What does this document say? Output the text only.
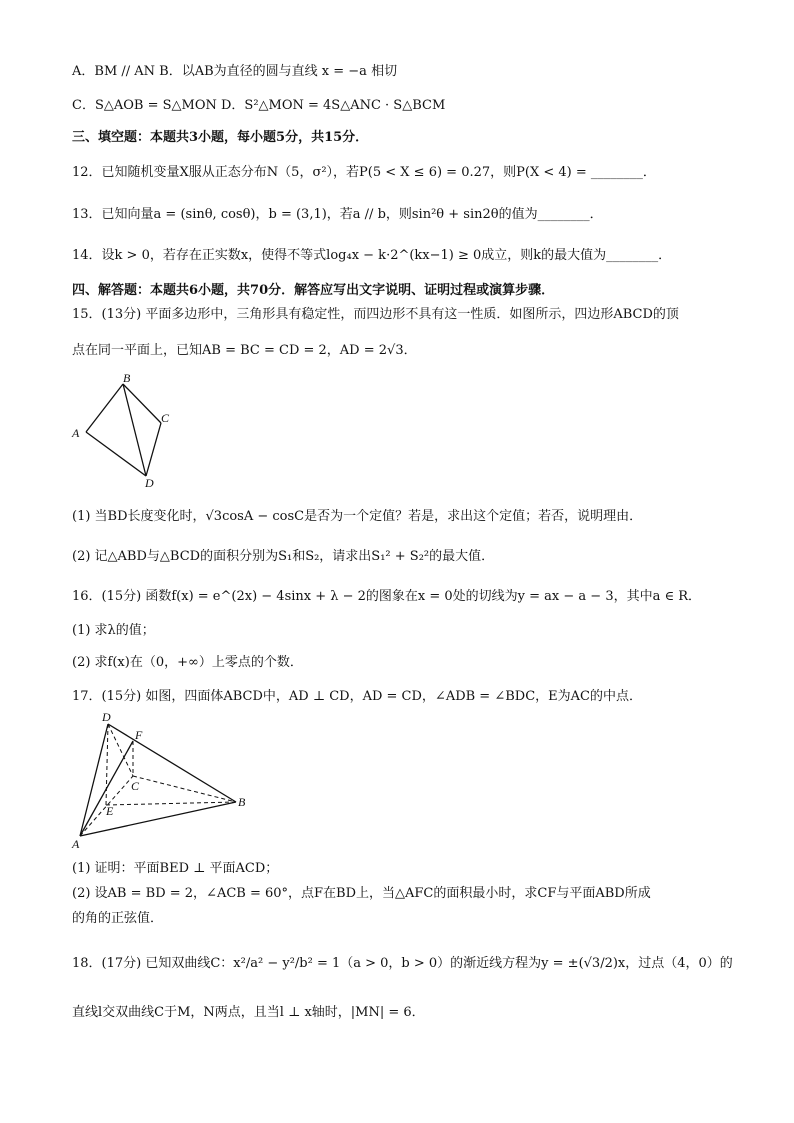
A．BM // AN B．以AB为直径的圆与直线 x = −a 相切
C．S△AOB = S△MON D．S²△MON = 4S△ANC · S△BCM
三、填空题：本题共3小题，每小题5分，共15分．
12．已知随机变量X服从正态分布N（5，σ²），若P(5 < X ≤ 6) = 0.27，则P(X < 4) = ________．
13．已知向量a = (sinθ, cosθ)，b = (3,1)，若a // b，则sin²θ + sin2θ的值为________．
14．设k > 0，若存在正实数x，使得不等式log₄x − k·2^(kx−1) ≥ 0成立，则k的最大值为________．
四、解答题：本题共6小题，共70分．解答应写出文字说明、证明过程或演算步骤．
15．(13分) 平面多边形中，三角形具有稳定性，而四边形不具有这一性质．如图所示，四边形ABCD的顶
点在同一平面上，已知AB = BC = CD = 2，AD = 2√3．
A
B
C
D
(1) 当BD长度变化时，√3cosA − cosC是否为一个定值？若是，求出这个定值；若否，说明理由．
(2) 记△ABD与△BCD的面积分别为S₁和S₂，请求出S₁² + S₂²的最大值．
16．(15分) 函数f(x) = e^(2x) − 4sinx + λ − 2的图象在x = 0处的切线为y = ax − a − 3，其中a ∈ R．
(1) 求λ的值；
(2) 求f(x)在（0，+∞）上零点的个数．
17．(15分) 如图，四面体ABCD中，AD ⊥ CD，AD = CD，∠ADB = ∠BDC，E为AC的中点．
D
F
C
B
E
A
(1) 证明：平面BED ⊥ 平面ACD；
(2) 设AB = BD = 2，∠ACB = 60°，点F在BD上，当△AFC的面积最小时，求CF与平面ABD所成
的角的正弦值．
18．(17分) 已知双曲线C：x²/a² − y²/b² = 1（a > 0，b > 0）的渐近线方程为y = ±(√3/2)x，过点（4，0）的
直线l交双曲线C于M，N两点，且当l ⊥ x轴时，|MN| = 6．
